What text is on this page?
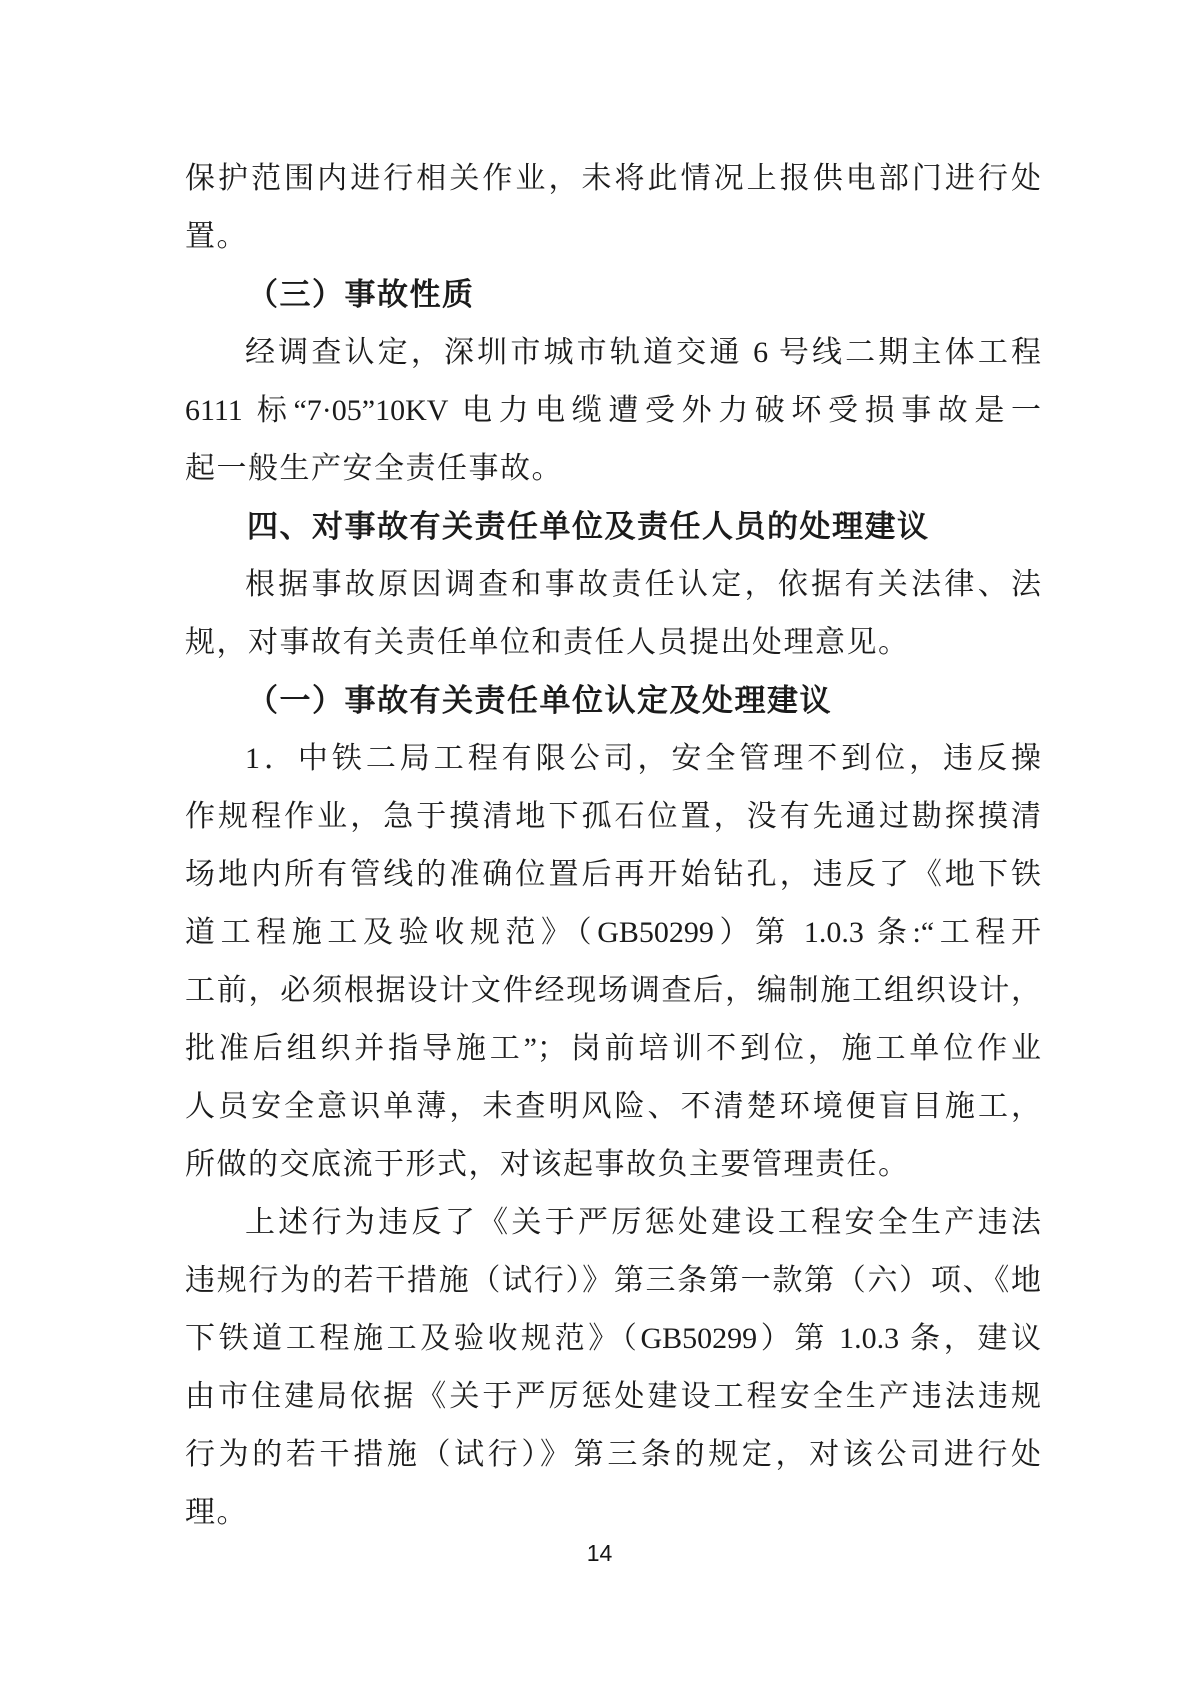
保护范围内进行相关作业，未将此情况上报供电部门进行处
置。
（三）事故性质
经调查认定，深圳市城市轨道交通 6 号线二期主体工程
6111 标“7·05”10KV 电力电缆遭受外力破坏受损事故是一
起一般生产安全责任事故。
四、对事故有关责任单位及责任人员的处理建议
根据事故原因调查和事故责任认定，依据有关法律、法
规，对事故有关责任单位和责任人员提出处理意见。
（一）事故有关责任单位认定及处理建议
1．中铁二局工程有限公司，安全管理不到位，违反操
作规程作业，急于摸清地下孤石位置，没有先通过勘探摸清
场地内所有管线的准确位置后再开始钻孔，违反了《地下铁
道工程施工及验收规范》（GB50299）第 1.0.3 条:“工程开
工前，必须根据设计文件经现场调查后，编制施工组织设计，
批准后组织并指导施工”；岗前培训不到位，施工单位作业
人员安全意识单薄，未查明风险、不清楚环境便盲目施工，
所做的交底流于形式，对该起事故负主要管理责任。
上述行为违反了《关于严厉惩处建设工程安全生产违法
违规行为的若干措施（试行）》第三条第一款第（六）项、《地
下铁道工程施工及验收规范》（GB50299）第 1.0.3 条，建议
由市住建局依据《关于严厉惩处建设工程安全生产违法违规
行为的若干措施（试行）》第三条的规定，对该公司进行处
理。
14
